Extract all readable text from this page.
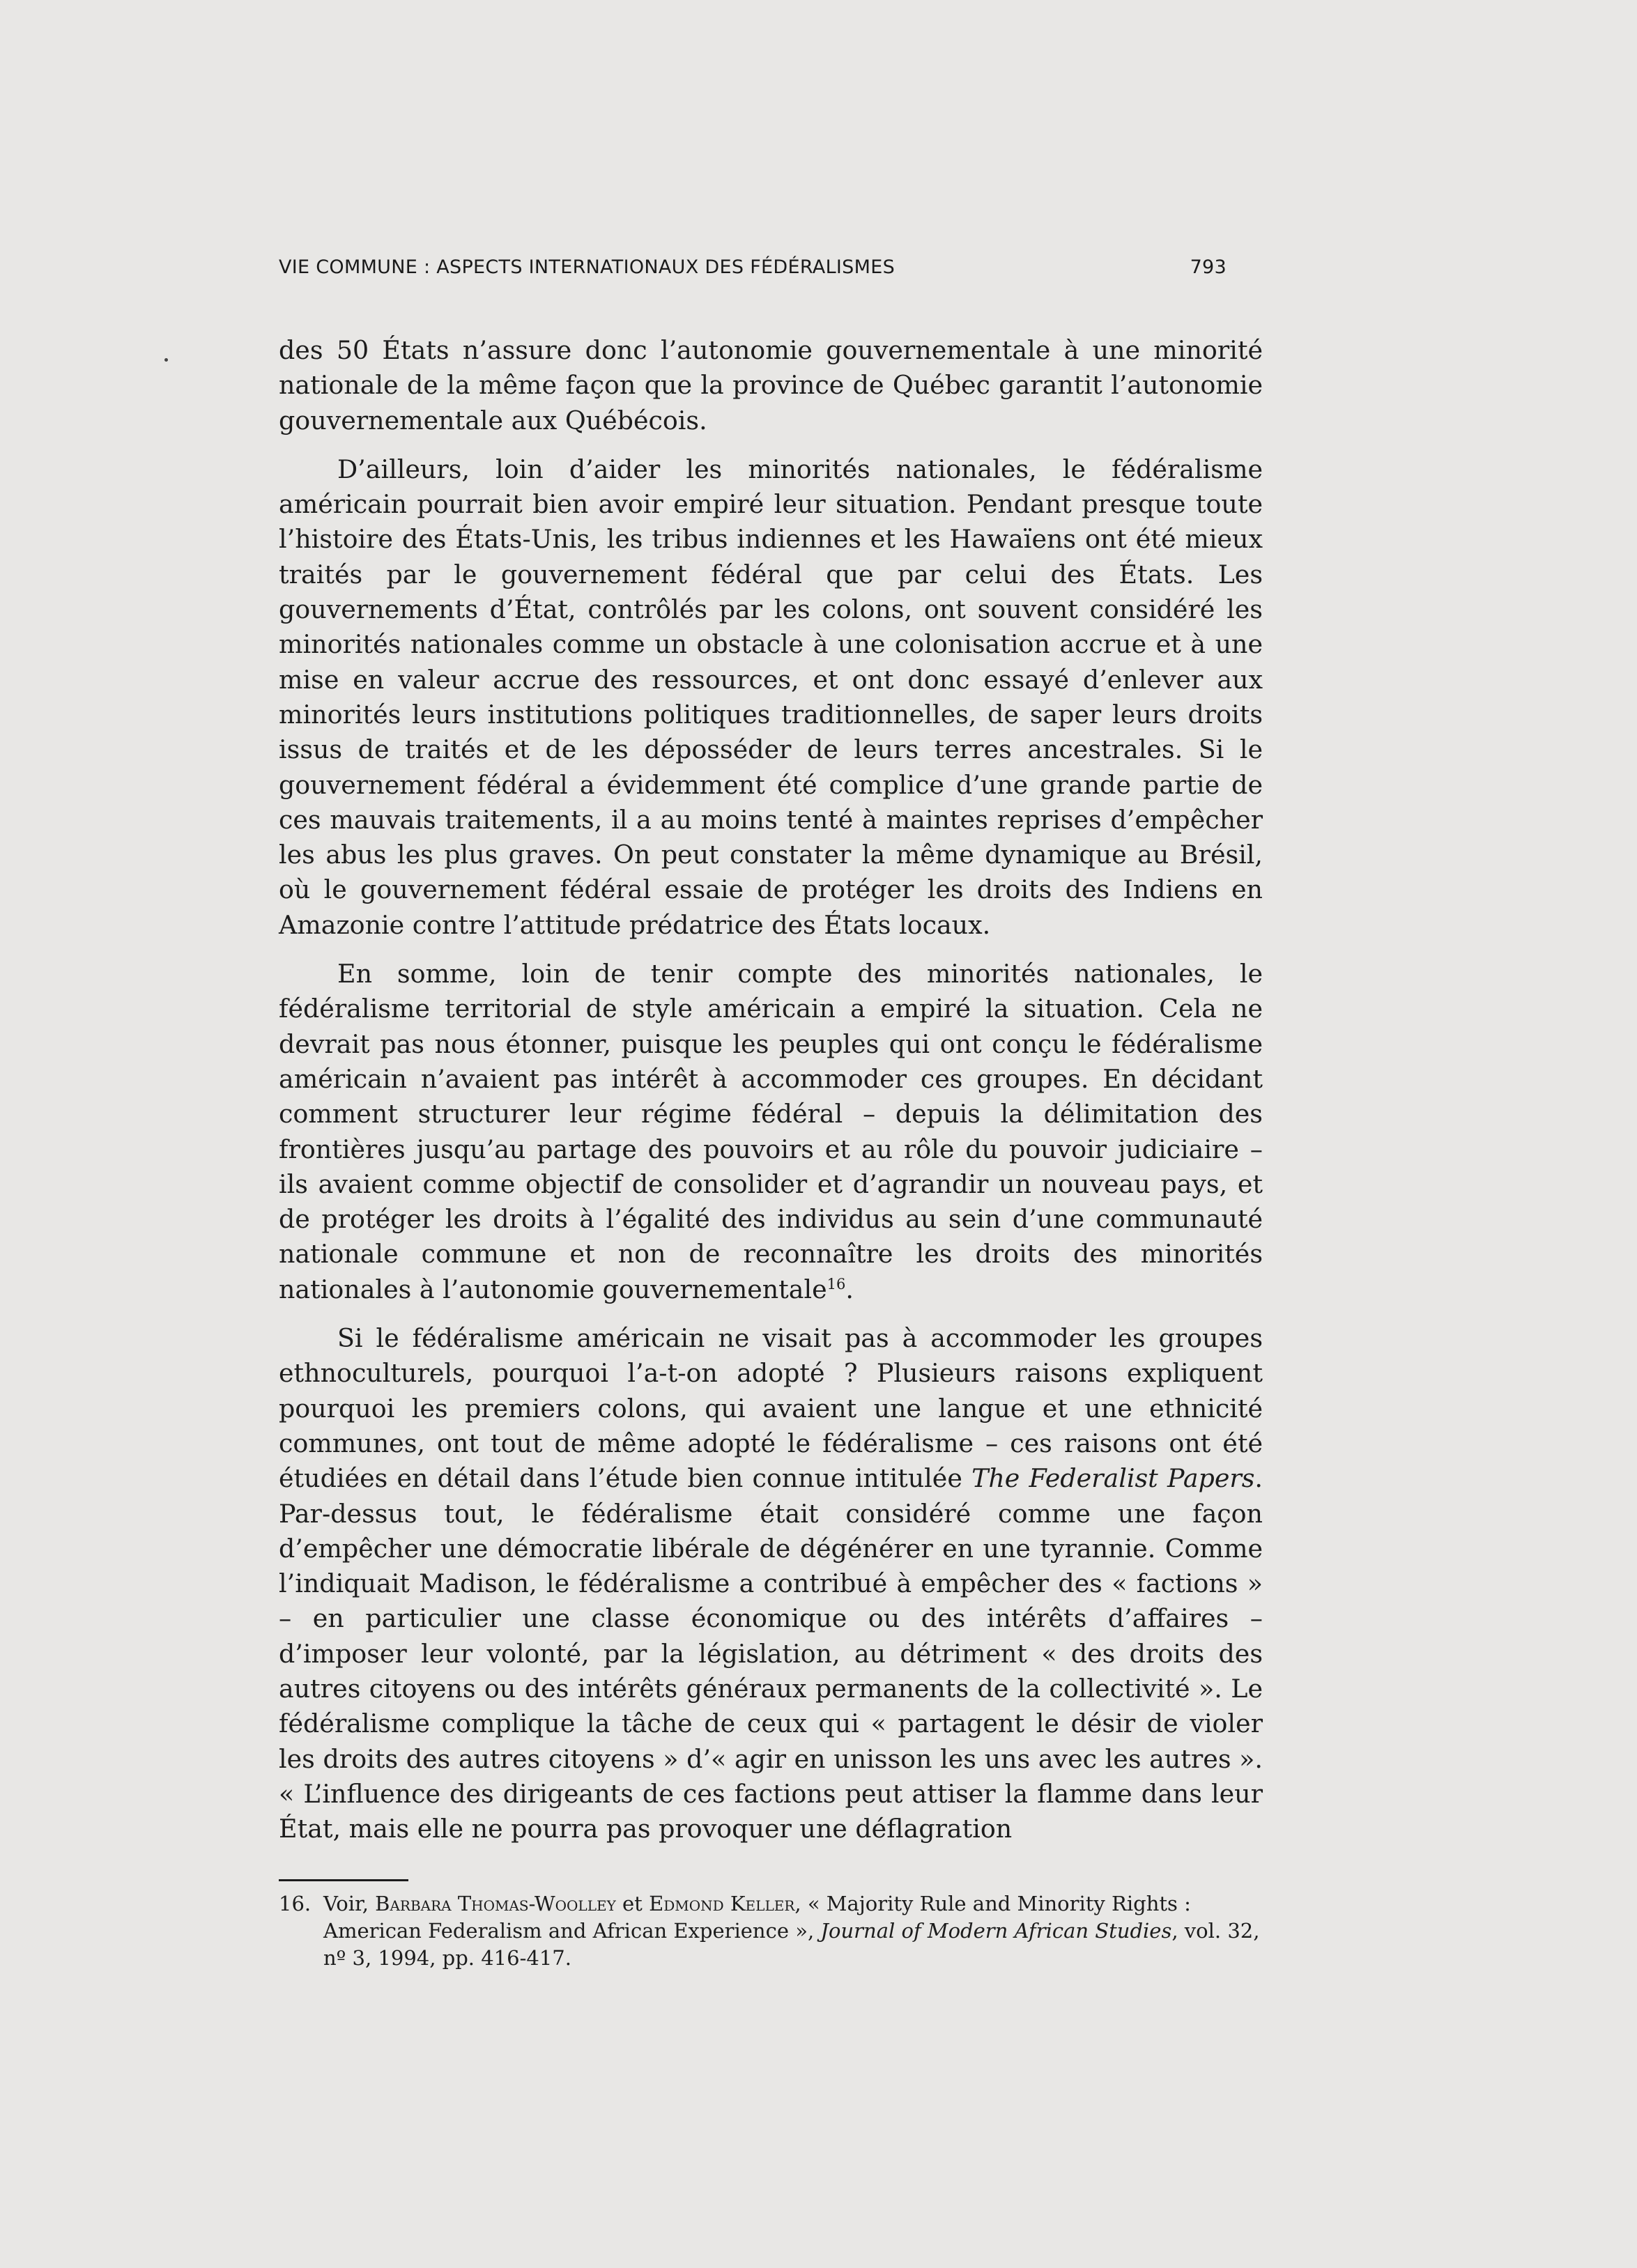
VIE COMMUNE : ASPECTS INTERNATIONAUX DES FÉDÉRALISMES	793

des 50 États n’assure donc l’autonomie gouvernementale à une minorité nationale de la même façon que la province de Québec garantit l’autonomie gouvernementale aux Québécois.

D’ailleurs, loin d’aider les minorités nationales, le fédéralisme américain pourrait bien avoir empiré leur situation. Pendant presque toute l’histoire des États-Unis, les tribus indiennes et les Hawaïens ont été mieux traités par le gouvernement fédéral que par celui des États. Les gouvernements d’État, contrôlés par les colons, ont souvent considéré les minorités nationales comme un obstacle à une colonisation accrue et à une mise en valeur accrue des ressources, et ont donc essayé d’enlever aux minorités leurs institutions politiques traditionnelles, de saper leurs droits issus de traités et de les déposséder de leurs terres ancestrales. Si le gouvernement fédéral a évidemment été complice d’une grande partie de ces mauvais traitements, il a au moins tenté à maintes reprises d’empêcher les abus les plus graves. On peut constater la même dynamique au Brésil, où le gouvernement fédéral essaie de protéger les droits des Indiens en Amazonie contre l’attitude prédatrice des États locaux.

En somme, loin de tenir compte des minorités nationales, le fédéralisme territorial de style américain a empiré la situation. Cela ne devrait pas nous étonner, puisque les peuples qui ont conçu le fédéralisme américain n’avaient pas intérêt à accommoder ces groupes. En décidant comment structurer leur régime fédéral – depuis la délimitation des frontières jusqu’au partage des pouvoirs et au rôle du pouvoir judiciaire – ils avaient comme objectif de consolider et d’agrandir un nouveau pays, et de protéger les droits à l’égalité des individus au sein d’une communauté nationale commune et non de reconnaître les droits des minorités nationales à l’autonomie gouvernementale$^{16}$.

Si le fédéralisme américain ne visait pas à accommoder les groupes ethnoculturels, pourquoi l’a-t-on adopté ? Plusieurs raisons expliquent pourquoi les premiers colons, qui avaient une langue et une ethnicité communes, ont tout de même adopté le fédéralisme – ces raisons ont été étudiées en détail dans l’étude bien connue intitulée The Federalist Papers. Par-dessus tout, le fédéralisme était considéré comme une façon d’empêcher une démocratie libérale de dégénérer en une tyrannie. Comme l’indiquait Madison, le fédéralisme a contribué à empêcher des « factions » – en particulier une classe économique ou des intérêts d’affaires – d’imposer leur volonté, par la législation, au détriment « des droits des autres citoyens ou des intérêts généraux permanents de la collectivité ». Le fédéralisme complique la tâche de ceux qui « partagent le désir de violer les droits des autres citoyens » d’« agir en unisson les uns avec les autres ». « L’influence des dirigeants de ces factions peut attiser la flamme dans leur État, mais elle ne pourra pas provoquer une déflagration

16. Voir, Barbara Thomas-Woolley et Edmond Keller, « Majority Rule and Minority Rights : American Federalism and African Experience », Journal of Modern African Studies, vol. 32, nº 3, 1994, pp. 416-417.
